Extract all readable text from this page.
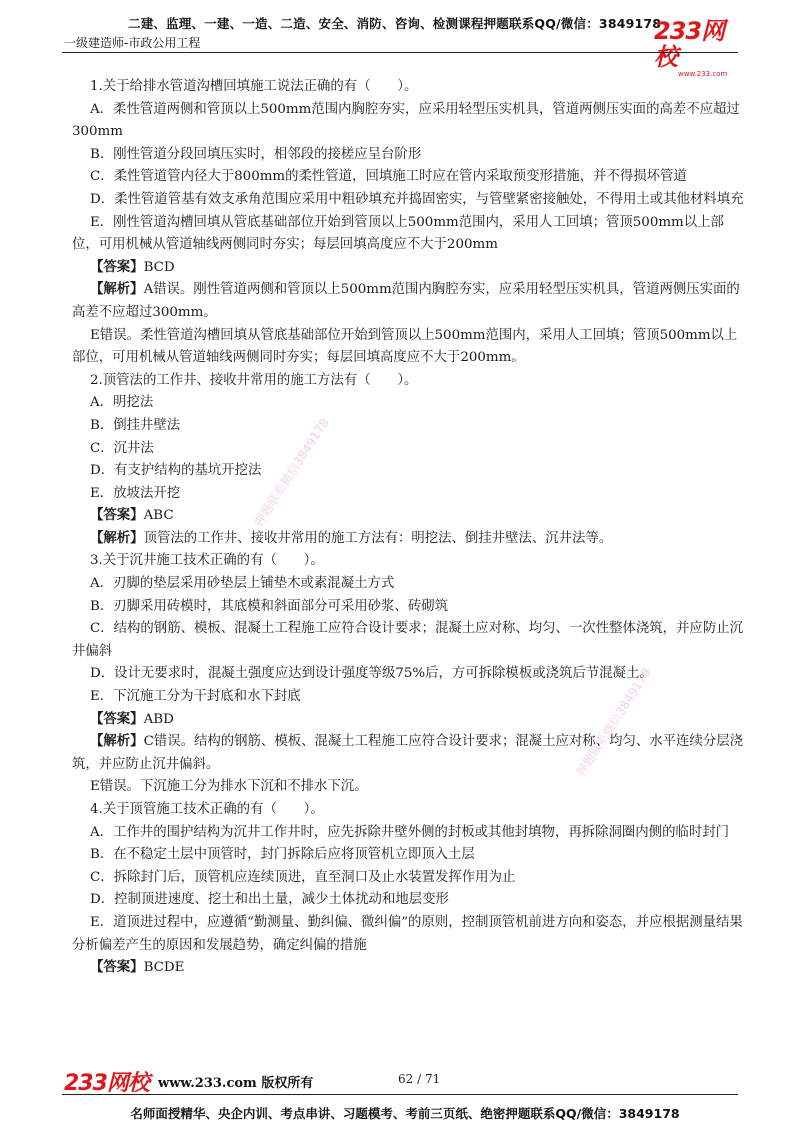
二建、监理、一建、一造、二造、安全、消防、咨询、检测课程押题联系QQ/微信：3849178
一级建造师-市政公用工程	233网校
www.233.com
押题联系微信3849178
押题联系微信3849178

1.关于给排水管道沟槽回填施工说法正确的有（　　）。

A．柔性管道两侧和管顶以上500mm范围内胸腔夯实，应采用轻型压实机具，管道两侧压实面的高差不应超过300mm

B．刚性管道分段回填压实时，相邻段的接槎应呈台阶形

C．柔性管道管内径大于800mm的柔性管道，回填施工时应在管内采取预变形措施，并不得损坏管道

D．柔性管道管基有效支承角范围应采用中粗砂填充并捣固密实，与管壁紧密接触处，不得用土或其他材料填充

E．刚性管道沟槽回填从管底基础部位开始到管顶以上500mm范围内，采用人工回填；管顶500mm以上部位，可用机械从管道轴线两侧同时夯实；每层回填高度应不大于200mm

【答案】BCD

【解析】A错误。刚性管道两侧和管顶以上500mm范围内胸腔夯实，应采用轻型压实机具，管道两侧压实面的高差不应超过300mm。

E错误。柔性管道沟槽回填从管底基础部位开始到管顶以上500mm范围内，采用人工回填；管顶500mm以上部位，可用机械从管道轴线两侧同时夯实；每层回填高度应不大于200mm。

2.顶管法的工作井、接收井常用的施工方法有（　　）。

A．明挖法

B．倒挂井壁法

C．沉井法

D．有支护结构的基坑开挖法

E．放坡法开挖

【答案】ABC

【解析】顶管法的工作井、接收井常用的施工方法有：明挖法、倒挂井壁法、沉井法等。

3.关于沉井施工技术正确的有（　　）。

A．刃脚的垫层采用砂垫层上铺垫木或素混凝土方式

B．刃脚采用砖模时，其底模和斜面部分可采用砂浆、砖砌筑

C．结构的钢筋、模板、混凝土工程施工应符合设计要求；混凝土应对称、均匀、一次性整体浇筑，并应防止沉井偏斜

D．设计无要求时，混凝土强度应达到设计强度等级75%后，方可拆除模板或浇筑后节混凝土。

E．下沉施工分为干封底和水下封底

【答案】ABD

【解析】C错误。结构的钢筋、模板、混凝土工程施工应符合设计要求；混凝土应对称、均匀、水平连续分层浇筑，并应防止沉井偏斜。

E错误。下沉施工分为排水下沉和不排水下沉。

4.关于顶管施工技术正确的有（　　）。

A．工作井的围护结构为沉井工作井时，应先拆除井壁外侧的封板或其他封填物，再拆除洞圈内侧的临时封门

B．在不稳定土层中顶管时，封门拆除后应将顶管机立即顶入土层

C．拆除封门后，顶管机应连续顶进，直至洞口及止水装置发挥作用为止

D．控制顶进速度、挖土和出土量，减少土体扰动和地层变形

E．道顶进过程中，应遵循“勤测量、勤纠偏、微纠偏”的原则，控制顶管机前进方向和姿态，并应根据测量结果分析偏差产生的原因和发展趋势，确定纠偏的措施

【答案】BCDE

233网校 www.233.com 版权所有	62 / 71
名师面授精华、央企内训、考点串讲、习题模考、考前三页纸、绝密押题联系QQ/微信：3849178
